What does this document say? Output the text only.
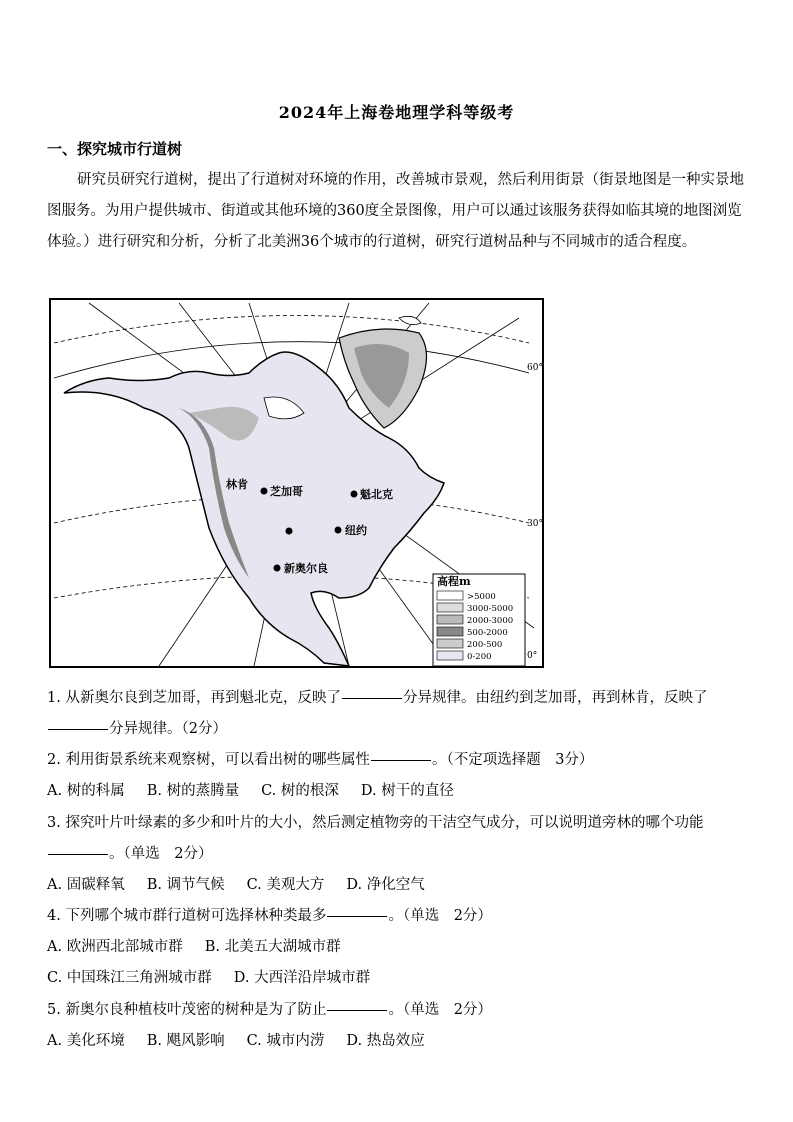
2024年上海卷地理学科等级考
一、探究城市行道树
研究员研究行道树，提出了行道树对环境的作用，改善城市景观，然后利用街景（街景地图是一种实景地图服务。为用户提供城市、街道或其他环境的360度全景图像，用户可以通过该服务获得如临其境的地图浏览体验。）进行研究和分析，分析了北美洲36个城市的行道树，研究行道树品种与不同城市的适合程度。
林肯
芝加哥	魁北克
纽约
新奥尔良
60°
30°
0°
高程m
>5000
3000-5000
2000-3000
500-2000
200-500
0-200

1. 从新奥尔良到芝加哥，再到魁北克，反映了	分异规律。由纽约到芝加哥，再到林肯，反映了分异规律。（2分）

2. 利用街景系统来观察树，可以看出树的哪些属性	。（不定项选择题　3分）

A. 树的科属 B. 树的蒸腾量 C. 树的根深 D. 树干的直径

3. 探究叶片叶绿素的多少和叶片的大小，然后测定植物旁的干洁空气成分，可以说明道旁林的哪个功能。（单选　2分）

A. 固碳释氧 B. 调节气候 C. 美观大方 D. 净化空气

4. 下列哪个城市群行道树可选择林种类最多	。（单选　2分）

A. 欧洲西北部城市群 B. 北美五大湖城市群

C. 中国珠江三角洲城市群 D. 大西洋沿岸城市群

5. 新奥尔良种植枝叶茂密的树种是为了防止	。（单选　2分）

A. 美化环境 B. 飓风影响 C. 城市内涝 D. 热岛效应
